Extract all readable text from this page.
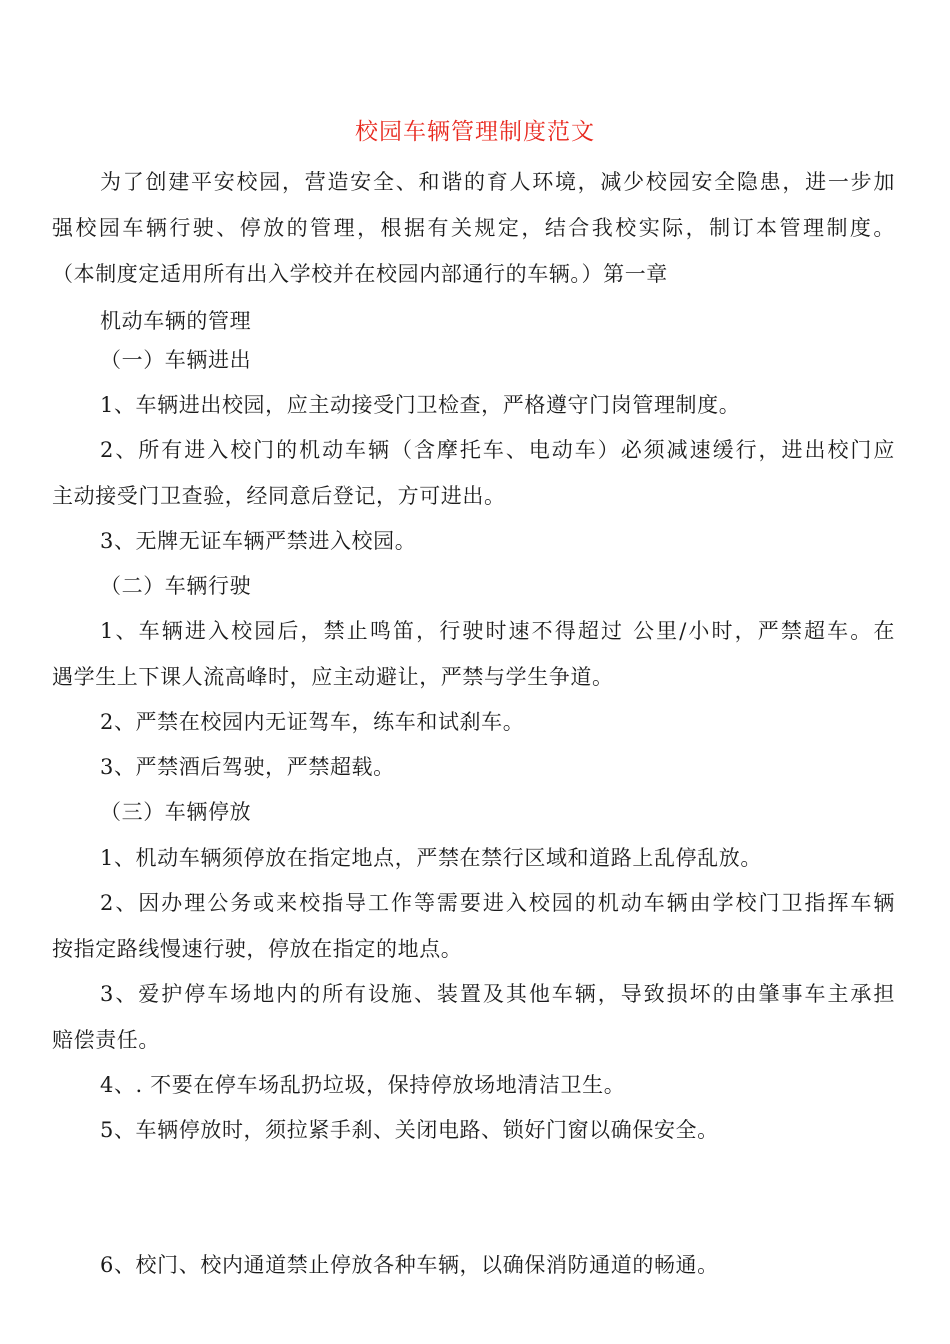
校园车辆管理制度范文
为了创建平安校园，营造安全、和谐的育人环境，减少校园安全隐患，进一步加
强校园车辆行驶、停放的管理，根据有关规定，结合我校实际，制订本管理制度。
（本制度定适用所有出入学校并在校园内部通行的车辆。）第一章
机动车辆的管理
（一）车辆进出
1、车辆进出校园，应主动接受门卫检查，严格遵守门岗管理制度。
2、所有进入校门的机动车辆（含摩托车、电动车）必须减速缓行，进出校门应
主动接受门卫查验，经同意后登记，方可进出。
3、无牌无证车辆严禁进入校园。
（二）车辆行驶
1、车辆进入校园后，禁止鸣笛，行驶时速不得超过 公里/小时，严禁超车。在
遇学生上下课人流高峰时，应主动避让，严禁与学生争道。
2、严禁在校园内无证驾车，练车和试刹车。
3、严禁酒后驾驶，严禁超载。
（三）车辆停放
1、机动车辆须停放在指定地点，严禁在禁行区域和道路上乱停乱放。
2、因办理公务或来校指导工作等需要进入校园的机动车辆由学校门卫指挥车辆
按指定路线慢速行驶，停放在指定的地点。
3、爱护停车场地内的所有设施、装置及其他车辆，导致损坏的由肇事车主承担
赔偿责任。
4、. 不要在停车场乱扔垃圾，保持停放场地清洁卫生。
5、车辆停放时，须拉紧手刹、关闭电路、锁好门窗以确保安全。
6、校门、校内通道禁止停放各种车辆，以确保消防通道的畅通。
